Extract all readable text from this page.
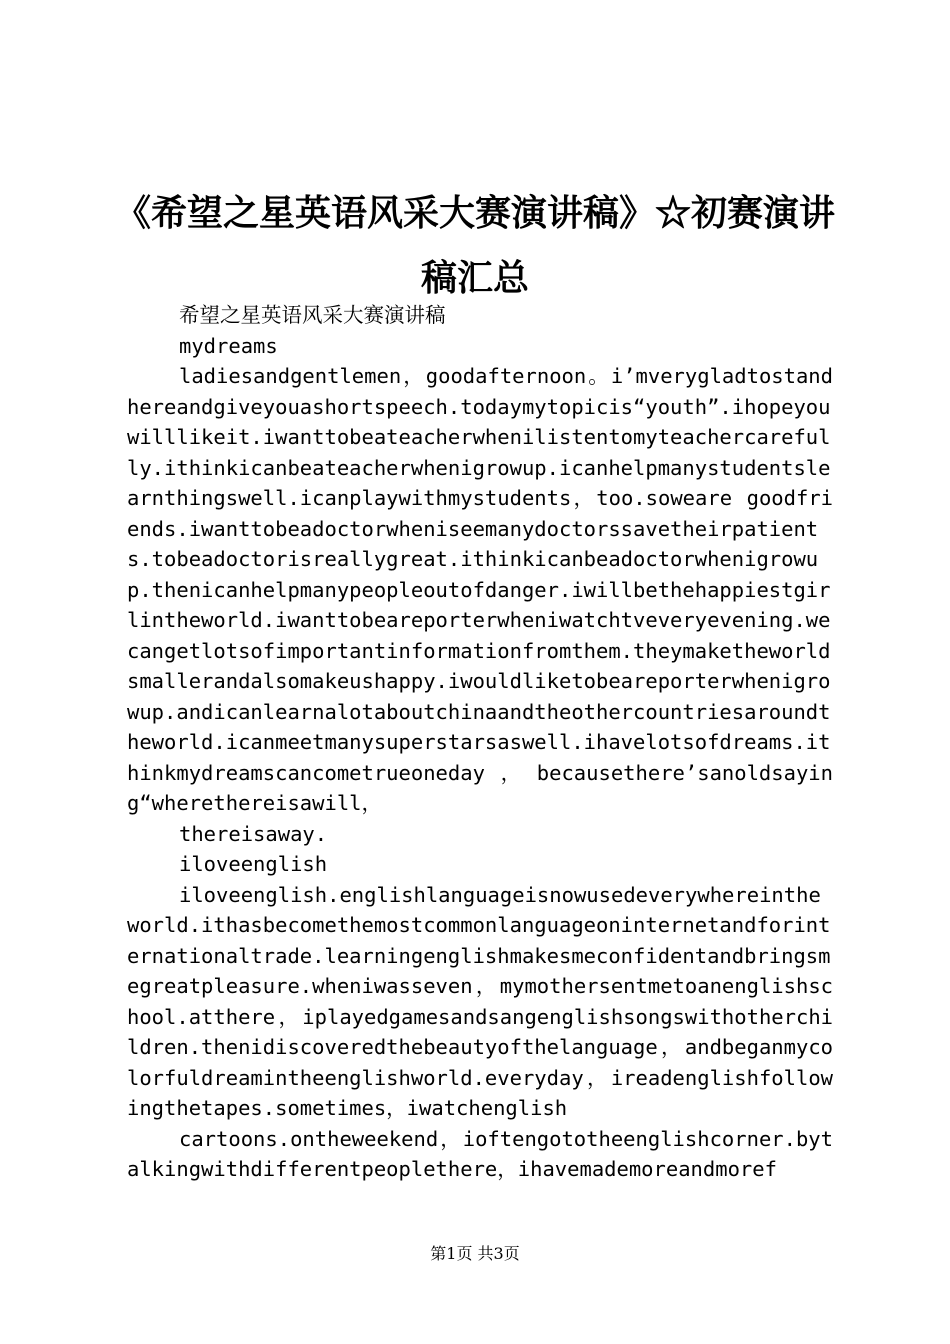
《希望之星英语风采大赛演讲稿》☆初赛演讲稿汇总

希望之星英语风采大赛演讲稿

mydreams

ladiesandgentlemen，goodafternoon。i’mverygladtostandhereandgiveyouashortspeech.todaymytopicis“youth”.ihopeyouwilllikeit.iwanttobeateacherwhenilistentomyteachercarefully.ithinkicanbeateacherwhenigrowup.icanhelpmanystudentslearnthingswell.icanplaywithmystudents，too.soweare goodfriends.iwanttobeadoctorwheniseemanydoctorssavetheirpatients.tobeadoctorisreallygreat.ithinkicanbeadoctorwhenigrowup.thenicanhelpmanypeopleoutofdanger.iwillbethehappiestgirlintheworld.iwanttobeareporterwheniwatchtveveryevening.wecangetlotsofimportantinformationfromthem.theymaketheworldsmallerandalsomakeushappy.iwouldliketobeareporterwhenigrowup.andicanlearnalotaboutchinaandtheothercountriesaroundtheworld.icanmeetmanysuperstarsaswell.ihavelotsofdreams.ithinkmydreamscancometrueoneday，becausethere’sanoldsaying“wherethereisawill，

thereisaway.

iloveenglish

iloveenglish.englishlanguageisnowusedeverywhereintheworld.ithasbecomethemostcommonlanguageoninternetandforinternationaltrade.learningenglishmakesmeconfidentandbringsmegreatpleasure.wheniwasseven，mymothersentmetoanenglishschool.atthere，iplayedgamesandsangenglishsongswithotherchildren.thenidiscoveredthebeautyofthelanguage，andbeganmycolorfuldreamintheenglishworld.everyday，ireadenglishfollowingthetapes.sometimes，iwatchenglish

cartoons.ontheweekend，ioftengototheenglishcorner.bytalkingwithdifferentpeoplethere，ihavemademoreandmoref

第1页 共3页
